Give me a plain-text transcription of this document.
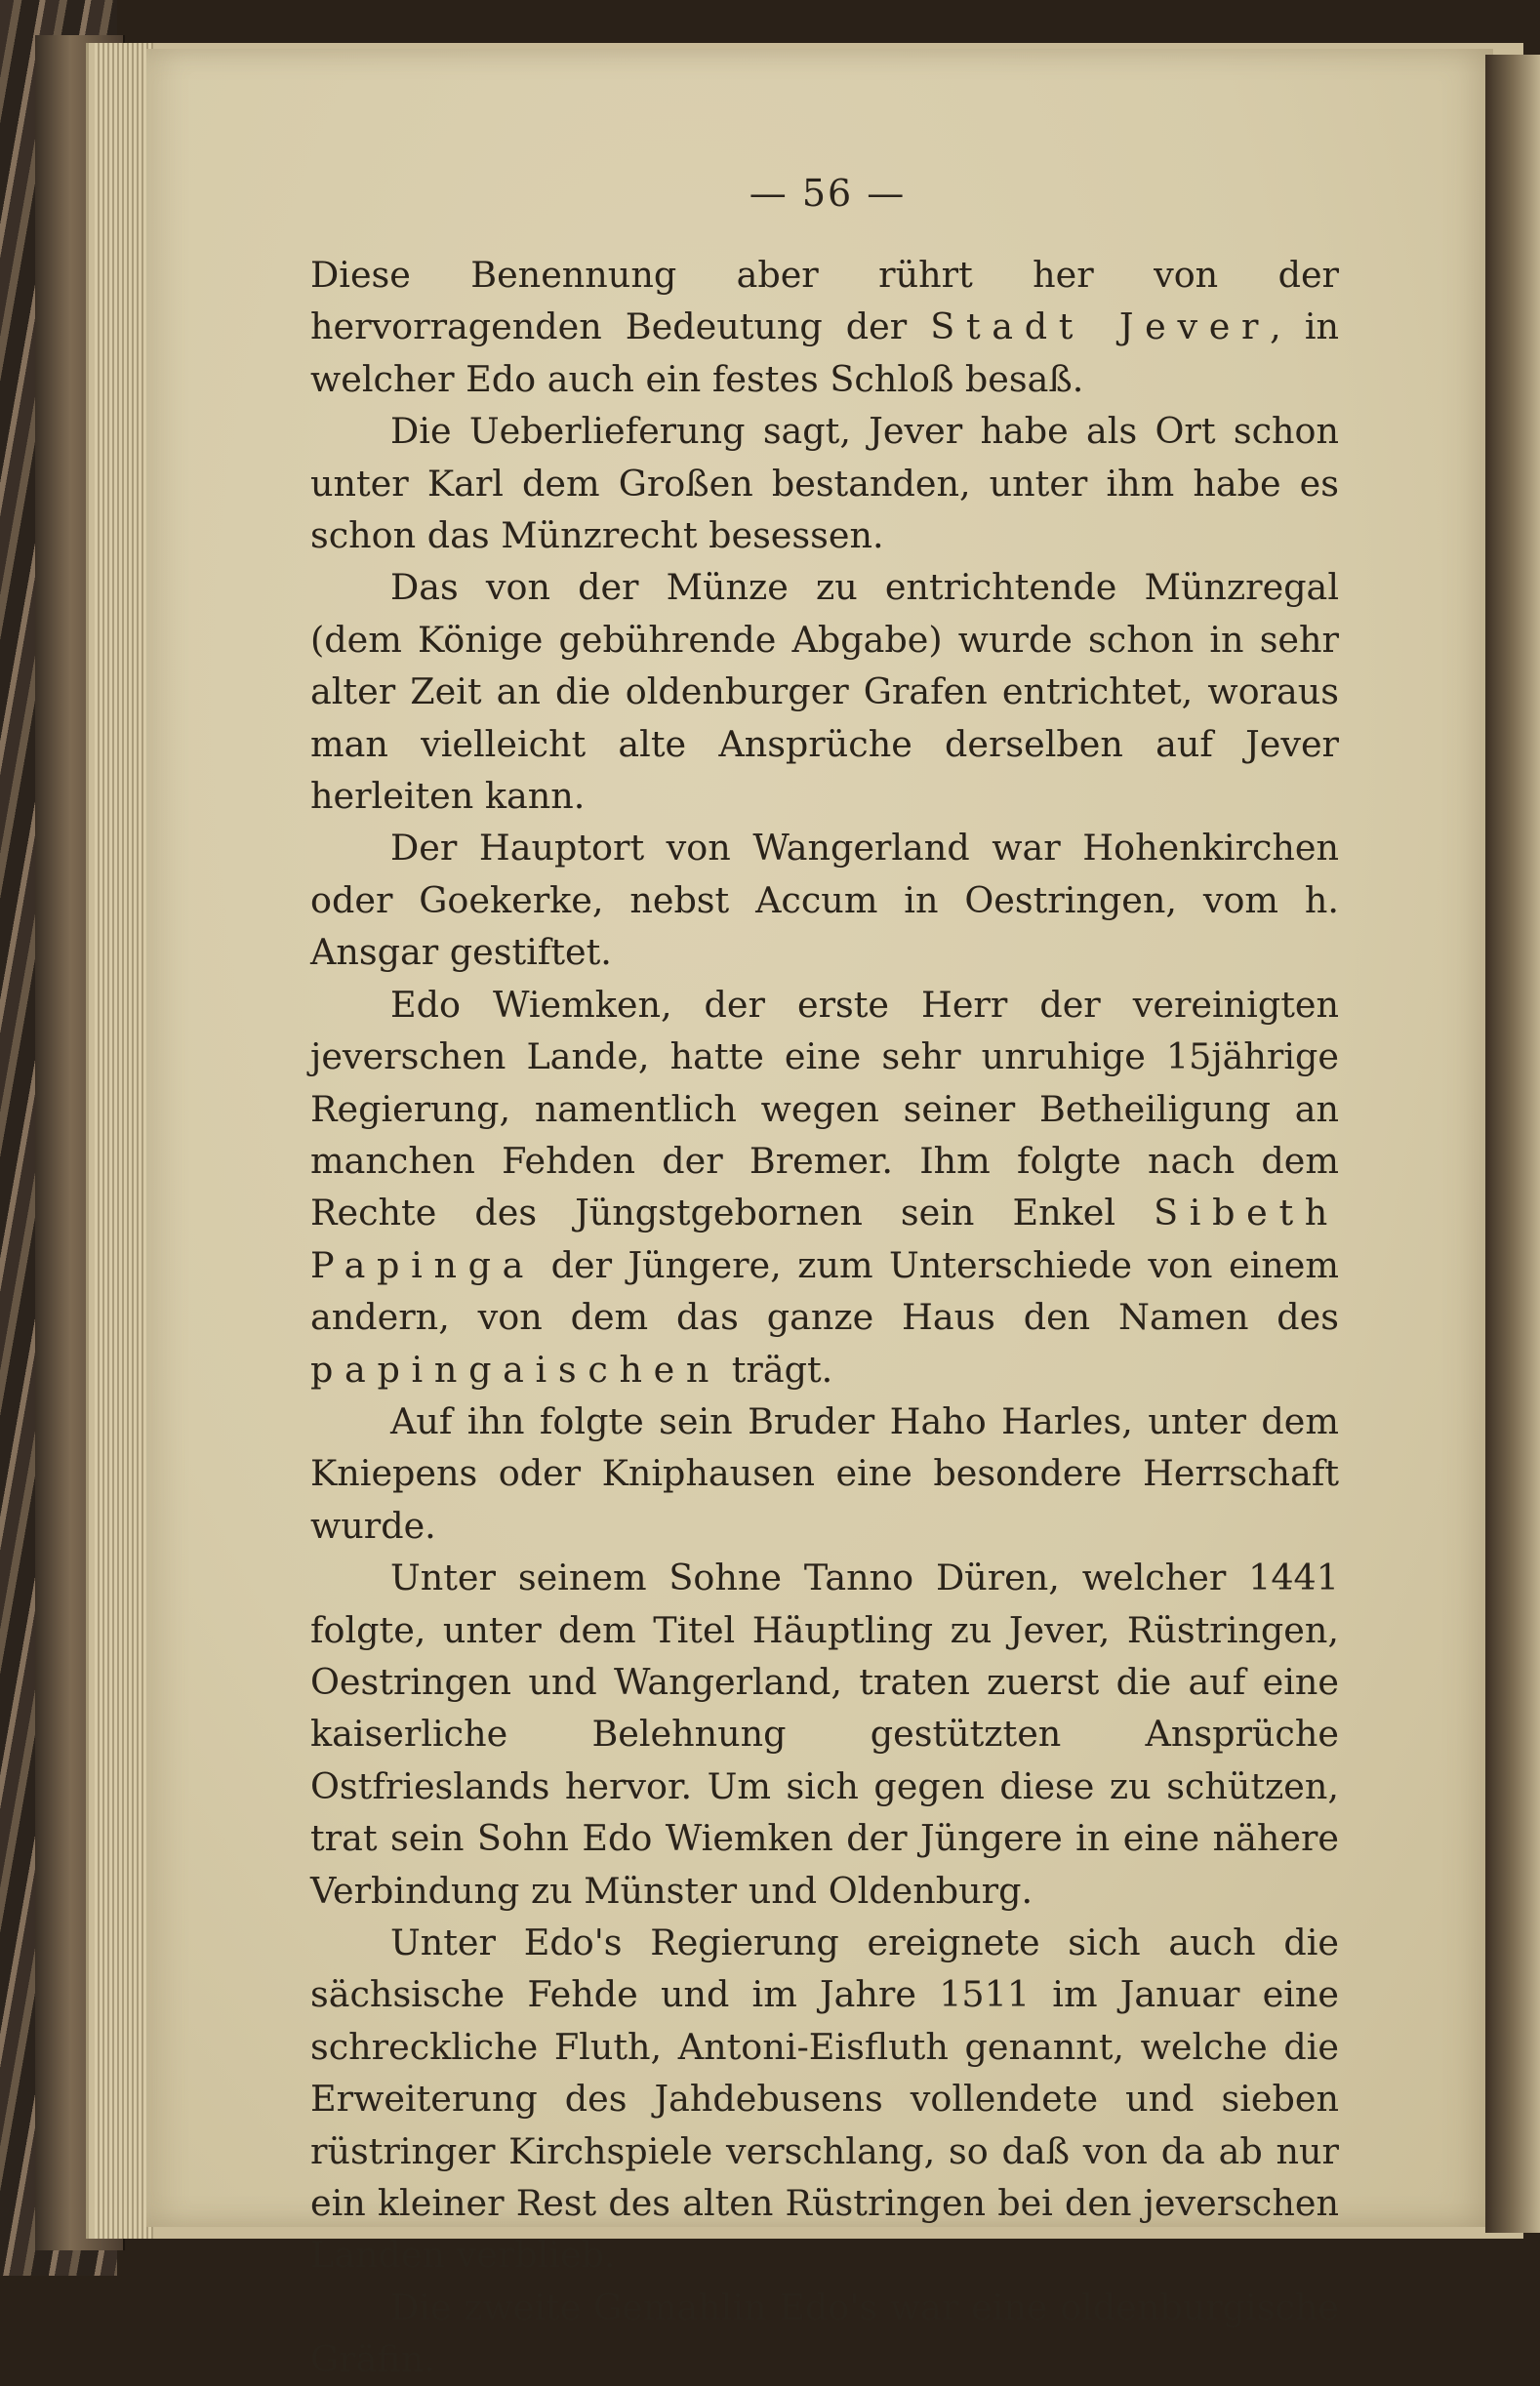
— 56 —

Diese Benennung aber rührt her von der hervorragenden Bedeutung der Stadt Jever, in welcher Edo auch ein festes Schloß besaß.

Die Ueberlieferung sagt, Jever habe als Ort schon unter Karl dem Großen bestanden, unter ihm habe es schon das Münzrecht besessen.

Das von der Münze zu entrichtende Münzregal (dem Könige gebührende Abgabe) wurde schon in sehr alter Zeit an die oldenburger Grafen entrichtet, woraus man vielleicht alte Ansprüche derselben auf Jever herleiten kann.

Der Hauptort von Wangerland war Hohenkirchen oder Goekerke, nebst Accum in Oestringen, vom h. Ansgar gestiftet.

Edo Wiemken, der erste Herr der vereinigten jeverschen Lande, hatte eine sehr unruhige 15jährige Regierung, namentlich wegen seiner Betheiligung an manchen Fehden der Bremer. Ihm folgte nach dem Rechte des Jüngstgebornen sein Enkel Sibeth Papinga der Jüngere, zum Unterschiede von einem andern, von dem das ganze Haus den Namen des papingaischen trägt.

Auf ihn folgte sein Bruder Haho Harles, unter dem Kniepens oder Kniphausen eine besondere Herrschaft wurde.

Unter seinem Sohne Tanno Düren, welcher 1441 folgte, unter dem Titel Häuptling zu Jever, Rüstringen, Oestringen und Wangerland, traten zuerst die auf eine kaiserliche Belehnung gestützten Ansprüche Ostfrieslands hervor. Um sich gegen diese zu schützen, trat sein Sohn Edo Wiemken der Jüngere in eine nähere Verbindung zu Münster und Oldenburg.

Unter Edo's Regierung ereignete sich auch die sächsische Fehde und im Jahre 1511 im Januar eine schreckliche Fluth, Antoni-Eisfluth genannt, welche die Erweiterung des Jahdebusens vollendete und sieben rüstringer Kirchspiele verschlang, so daß von da ab nur ein kleiner Rest des alten Rüstringen bei den jeverschen Landen verblieb.

Die zweite Gemahlin Edo's war eine oldenburgische Gräfin.
